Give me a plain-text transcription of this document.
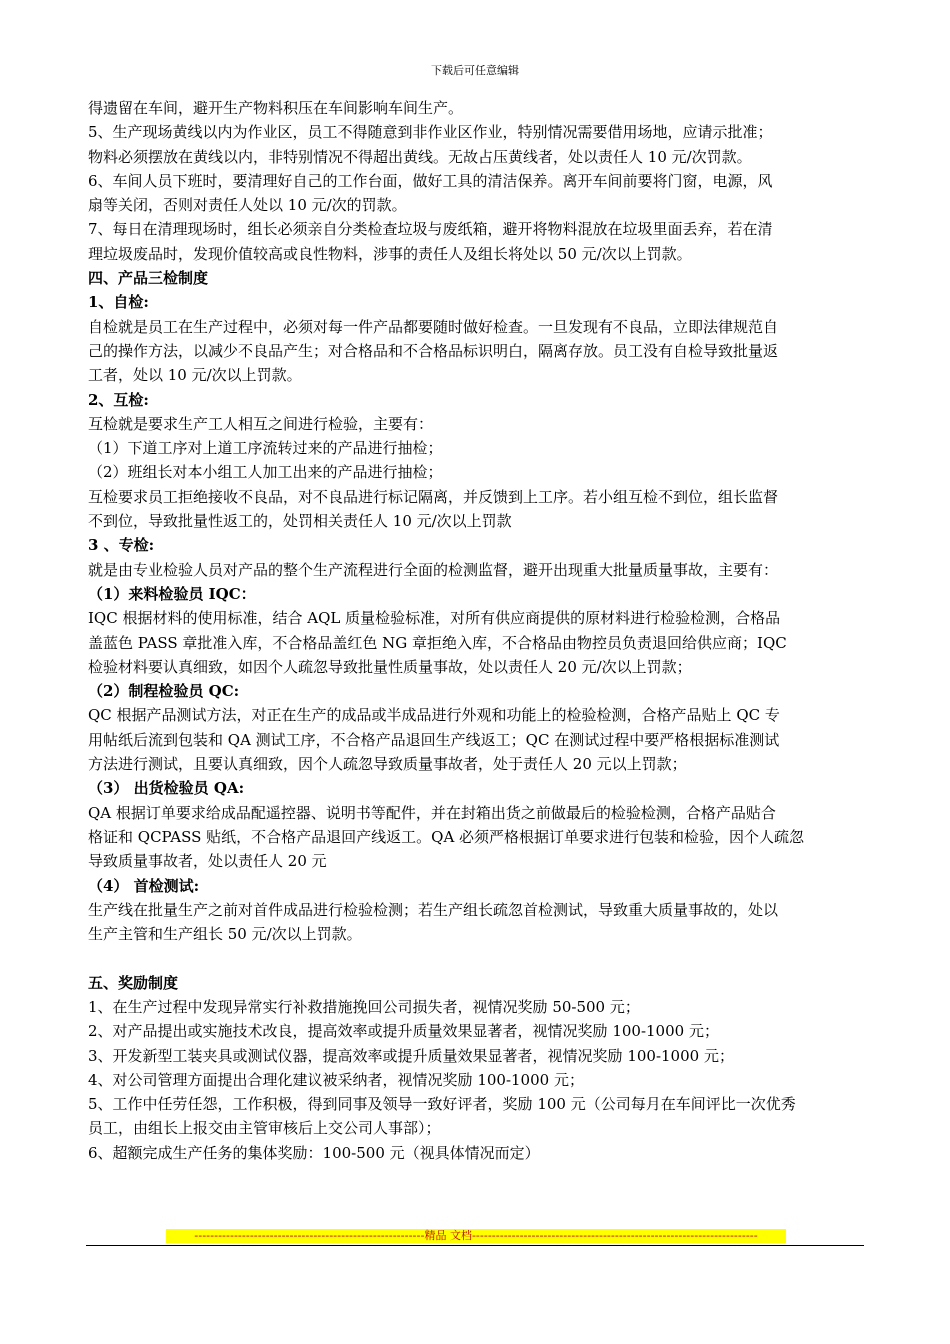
下载后可任意编辑
得遗留在车间，避开生产物料积压在车间影响车间生产。
5、生产现场黄线以内为作业区，员工不得随意到非作业区作业，特别情况需要借用场地，应请示批准；
物料必须摆放在黄线以内，非特别情况不得超出黄线。无故占压黄线者，处以责任人 10 元/次罚款。
6、车间人员下班时，要清理好自己的工作台面，做好工具的清洁保养。离开车间前要将门窗，电源，风
扇等关闭，否则对责任人处以 10 元/次的罚款。
7、每日在清理现场时，组长必须亲自分类检查垃圾与废纸箱，避开将物料混放在垃圾里面丢弃，若在清
理垃圾废品时，发现价值较高或良性物料，涉事的责任人及组长将处以 50 元/次以上罚款。
四、产品三检制度
1、自检:
自检就是员工在生产过程中，必须对每一件产品都要随时做好检查。一旦发现有不良品，立即法律规范自
己的操作方法，以减少不良品产生；对合格品和不合格品标识明白，隔离存放。员工没有自检导致批量返
工者，处以 10 元/次以上罚款。
2、互检:
互检就是要求生产工人相互之间进行检验，主要有：
（1）下道工序对上道工序流转过来的产品进行抽检；
（2）班组长对本小组工人加工出来的产品进行抽检；
互检要求员工拒绝接收不良品，对不良品进行标记隔离，并反馈到上工序。若小组互检不到位，组长监督
不到位，导致批量性返工的，处罚相关责任人 10 元/次以上罚款
3 、专检:
就是由专业检验人员对产品的整个生产流程进行全面的检测监督，避开出现重大批量质量事故，主要有：
（1）来料检验员 IQC：
IQC 根据材料的使用标准，结合 AQL 质量检验标准，对所有供应商提供的原材料进行检验检测，合格品
盖蓝色 PASS 章批准入库，不合格品盖红色 NG 章拒绝入库，不合格品由物控员负责退回给供应商；IQC
检验材料要认真细致，如因个人疏忽导致批量性质量事故，处以责任人 20 元/次以上罚款；
（2）制程检验员 QC:
QC 根据产品测试方法，对正在生产的成品或半成品进行外观和功能上的检验检测，合格产品贴上 QC 专
用帖纸后流到包装和 QA 测试工序，不合格产品退回生产线返工；QC 在测试过程中要严格根据标准测试
方法进行测试，且要认真细致，因个人疏忽导致质量事故者，处于责任人 20 元以上罚款；
（3） 出货检验员 QA:
QA 根据订单要求给成品配遥控器、说明书等配件，并在封箱出货之前做最后的检验检测，合格产品贴合
格证和 QCPASS 贴纸，不合格产品退回产线返工。QA 必须严格根据订单要求进行包装和检验，因个人疏忽
导致质量事故者，处以责任人 20 元
（4） 首检测试:
生产线在批量生产之前对首件成品进行检验检测；若生产组长疏忽首检测试，导致重大质量事故的，处以
生产主管和生产组长 50 元/次以上罚款。
五、奖励制度
1、在生产过程中发现异常实行补救措施挽回公司损失者，视情况奖励 50-500 元；
2、对产品提出或实施技术改良，提高效率或提升质量效果显著者，视情况奖励 100-1000 元；
3、开发新型工装夹具或测试仪器，提高效率或提升质量效果显著者，视情况奖励 100-1000 元；
4、对公司管理方面提出合理化建议被采纳者，视情况奖励 100-1000 元；
5、工作中任劳任怨，工作积极，得到同事及领导一致好评者，奖励 100 元（公司每月在车间评比一次优秀
员工，由组长上报交由主管审核后上交公司人事部）；
6、超额完成生产任务的集体奖励：100-500 元（视具体情况而定）
----------------------------------------------------------精品 文档------------------------------------------------------------------------
